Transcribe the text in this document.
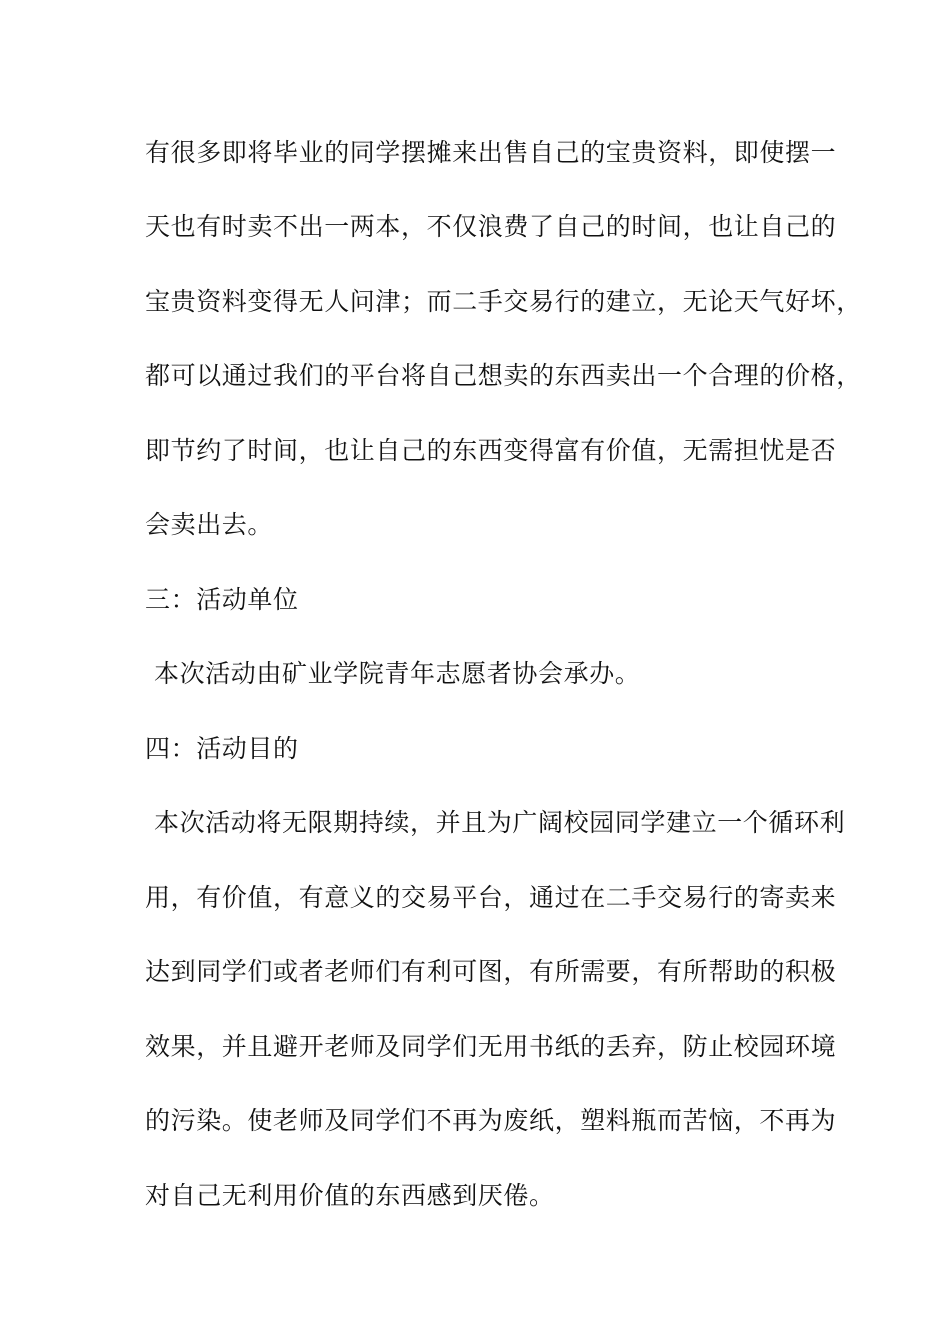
有很多即将毕业的同学摆摊来出售自己的宝贵资料，即使摆一
天也有时卖不出一两本，不仅浪费了自己的时间，也让自己的
宝贵资料变得无人问津；而二手交易行的建立，无论天气好坏，
都可以通过我们的平台将自己想卖的东西卖出一个合理的价格，
即节约了时间，也让自己的东西变得富有价值，无需担忧是否
会卖出去。
三：活动单位
本次活动由矿业学院青年志愿者协会承办。
四：活动目的
本次活动将无限期持续，并且为广阔校园同学建立一个循环利
用，有价值，有意义的交易平台，通过在二手交易行的寄卖来
达到同学们或者老师们有利可图，有所需要，有所帮助的积极
效果，并且避开老师及同学们无用书纸的丢弃，防止校园环境
的污染。使老师及同学们不再为废纸，塑料瓶而苦恼，不再为
对自己无利用价值的东西感到厌倦。
